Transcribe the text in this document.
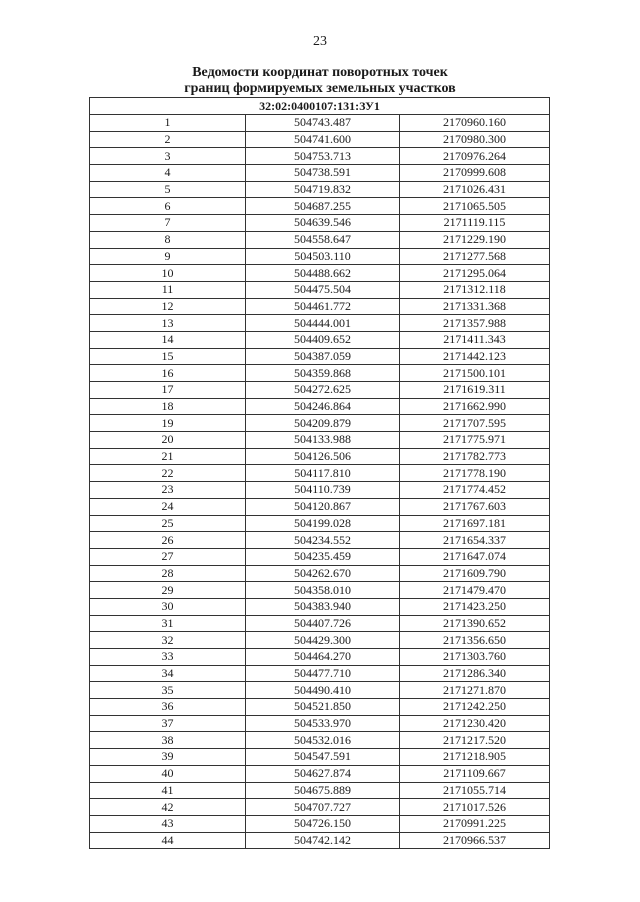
23
Ведомости координат поворотных точек
границ формируемых земельных участков
32:02:0400107:131:ЗУ1		
1	504743.487	2170960.160
2	504741.600	2170980.300
3	504753.713	2170976.264
4	504738.591	2170999.608
5	504719.832	2171026.431
6	504687.255	2171065.505
7	504639.546	2171119.115
8	504558.647	2171229.190
9	504503.110	2171277.568
10	504488.662	2171295.064
11	504475.504	2171312.118
12	504461.772	2171331.368
13	504444.001	2171357.988
14	504409.652	2171411.343
15	504387.059	2171442.123
16	504359.868	2171500.101
17	504272.625	2171619.311
18	504246.864	2171662.990
19	504209.879	2171707.595
20	504133.988	2171775.971
21	504126.506	2171782.773
22	504117.810	2171778.190
23	504110.739	2171774.452
24	504120.867	2171767.603
25	504199.028	2171697.181
26	504234.552	2171654.337
27	504235.459	2171647.074
28	504262.670	2171609.790
29	504358.010	2171479.470
30	504383.940	2171423.250
31	504407.726	2171390.652
32	504429.300	2171356.650
33	504464.270	2171303.760
34	504477.710	2171286.340
35	504490.410	2171271.870
36	504521.850	2171242.250
37	504533.970	2171230.420
38	504532.016	2171217.520
39	504547.591	2171218.905
40	504627.874	2171109.667
41	504675.889	2171055.714
42	504707.727	2171017.526
43	504726.150	2170991.225
44	504742.142	2170966.537
